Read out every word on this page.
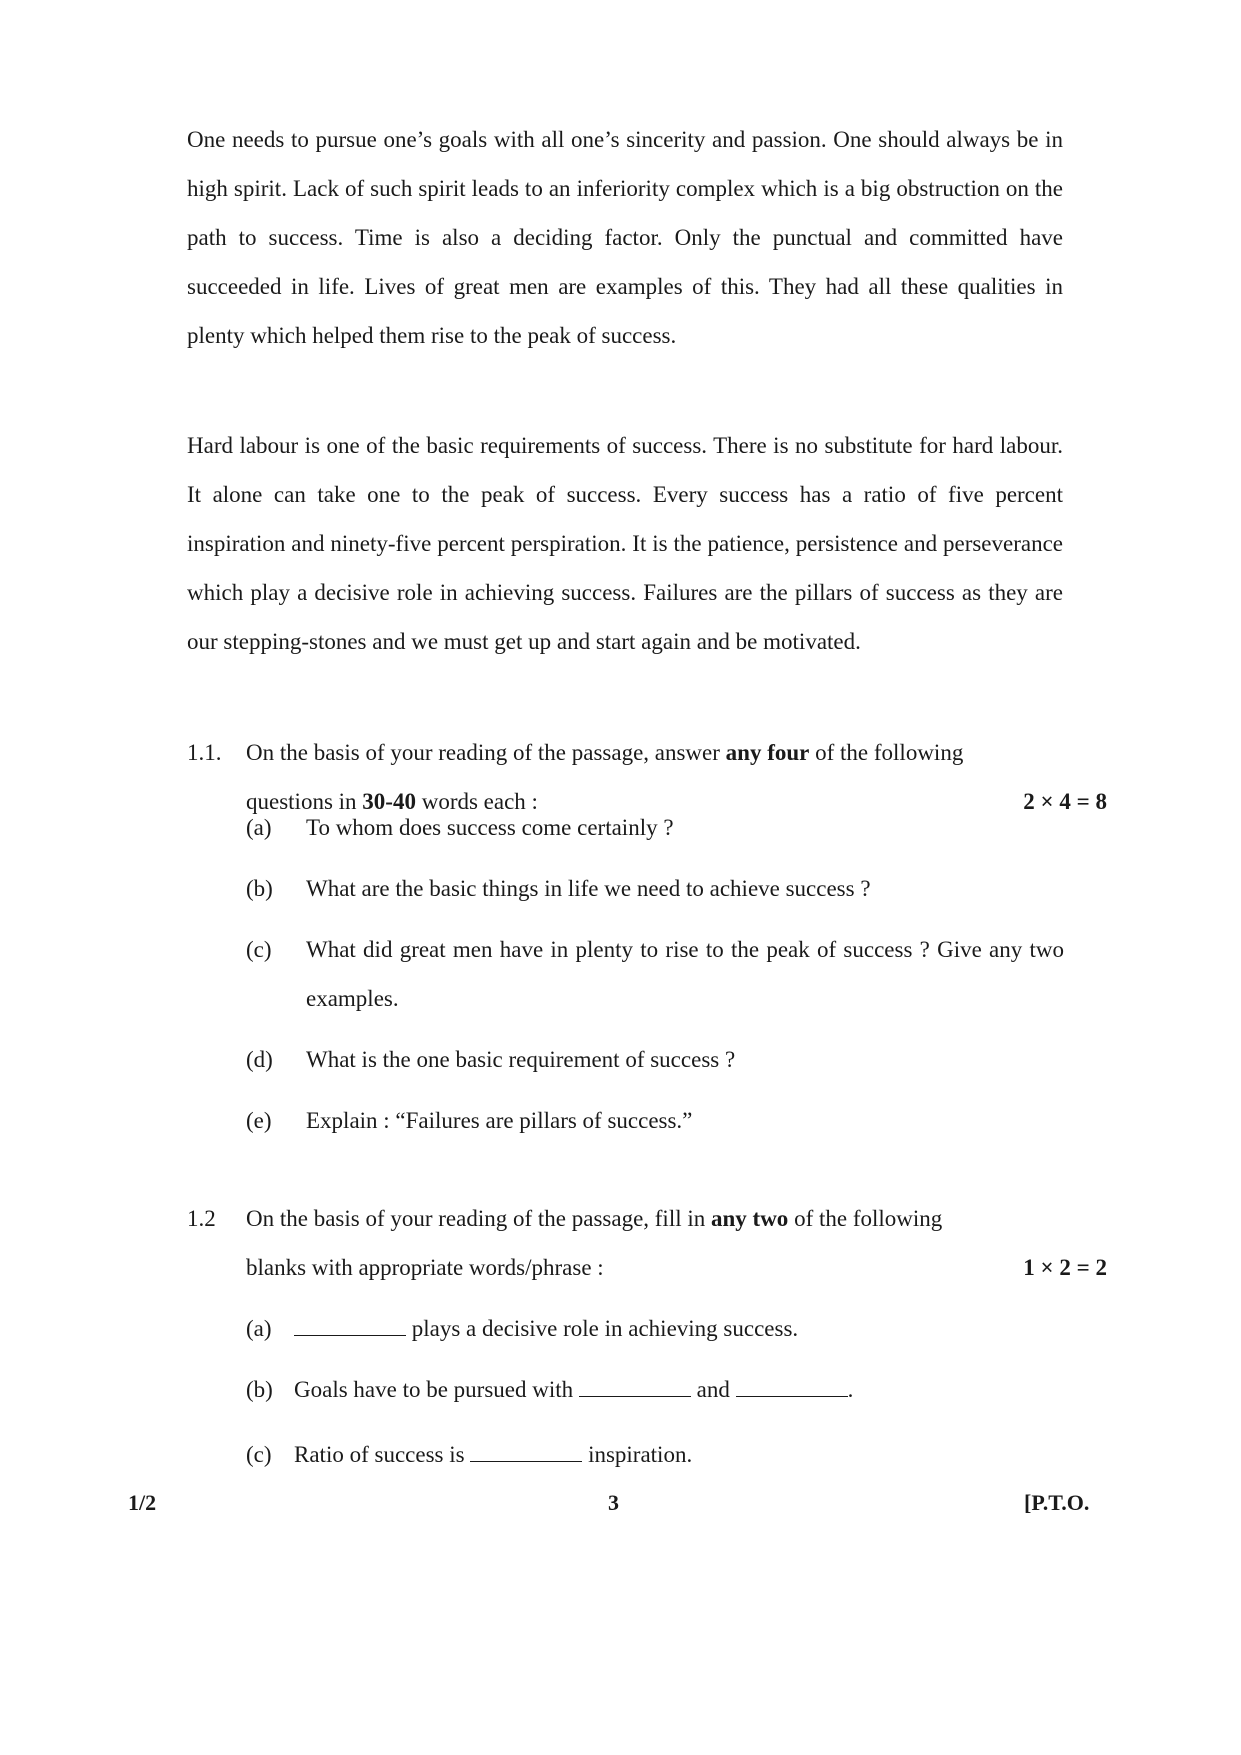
One needs to pursue one’s goals with all one’s sincerity and passion. One should always be in high spirit. Lack of such spirit leads to an inferiority complex which is a big obstruction on the path to success. Time is also a deciding factor. Only the punctual and committed have succeeded in life. Lives of great men are examples of this. They had all these qualities in plenty which helped them rise to the peak of success.

Hard labour is one of the basic requirements of success. There is no substitute for hard labour. It alone can take one to the peak of success. Every success has a ratio of five percent inspiration and ninety-five percent perspiration. It is the patience, persistence and perseverance which play a decisive role in achieving success. Failures are the pillars of success as they are our stepping-stones and we must get up and start again and be motivated.

1.1. On the basis of your reading of the passage, answer any four of the following
questions in 30-40 words each :	2 × 4 = 8
(a) To whom does success come certainly ?
(b) What are the basic things in life we need to achieve success ?
(c) What did great men have in plenty to rise to the peak of success ? Give any two examples.
(d) What is the one basic requirement of success ?
(e) Explain : “Failures are pillars of success.”
1.2 On the basis of your reading of the passage, fill in any two of the following
blanks with appropriate words/phrase :	1 × 2 = 2
(a)	plays a decisive role in achieving success.
(b) Goals have to be pursued with	and	.
(c) Ratio of success is	inspiration.
1/2	3	[P.T.O.
